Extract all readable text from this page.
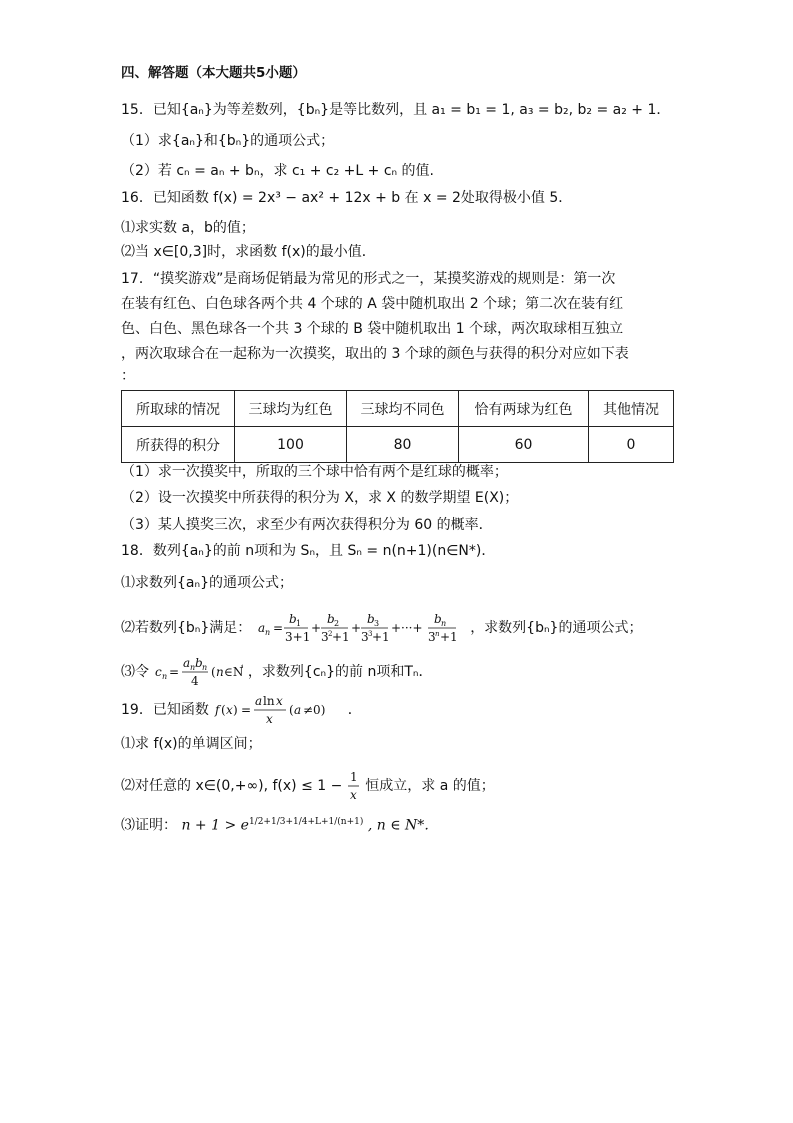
四、解答题（本大题共5小题）
15．已知{aₙ}为等差数列，{bₙ}是等比数列，且 a₁ = b₁ = 1, a₃ = b₂, b₂ = a₂ + 1．
（1）求{aₙ}和{bₙ}的通项公式；
（2）若 cₙ = aₙ + bₙ，求 c₁ + c₂ +L + cₙ 的值.
16．已知函数 f(x) = 2x³ − ax² + 12x + b 在 x = 2处取得极小值 5．
⑴求实数 a，b的值；
⑵当 x∈[0,3]时，求函数 f(x)的最小值．
17．“摸奖游戏”是商场促销最为常见的形式之一，某摸奖游戏的规则是：第一次
在装有红色、白色球各两个共 4 个球的 A 袋中随机取出 2 个球；第二次在装有红
色、白色、黑色球各一个共 3 个球的 B 袋中随机取出 1 个球，两次取球相互独立
，两次取球合在一起称为一次摸奖，取出的 3 个球的颜色与获得的积分对应如下表
：
所取球的情况	三球均为红色	三球均不同色	恰有两球为红色	其他情况
所获得的积分	100	80	60	0
（1）求一次摸奖中，所取的三个球中恰有两个是红球的概率；
（2）设一次摸奖中所获得的积分为 X，求 X 的数学期望 E(X)；
（3）某人摸奖三次，求至少有两次获得积分为 60 的概率．
18．数列{aₙ}的前 n项和为 Sₙ，且 Sₙ = n(n+1)(n∈N*)．
⑴求数列{aₙ}的通项公式；
⑵若数列{bₙ}满足： a n =
b 1
3+1
+
b 2
3 2 +1
+
b 3
3 3 +1
+···+
b n
3 n +1
，求数列{bₙ}的通项公式；
⑶令 c n =
a n b n
4
( n ∈N ，求数列{cₙ}的前 n项和Tₙ．
19．已知函数 f ( x ) =
a ln x
x
( a ≠0) ．
⑴求 f(x)的单调区间；
⑵对任意的 x∈(0,+∞), f(x) ≤ 1 −
1
x
恒成立，求 a 的值；
⑶证明： $n + 1 > e^{1/2+1/3+1/4+L+1/(n+1)}$ , n ∈ N*．
